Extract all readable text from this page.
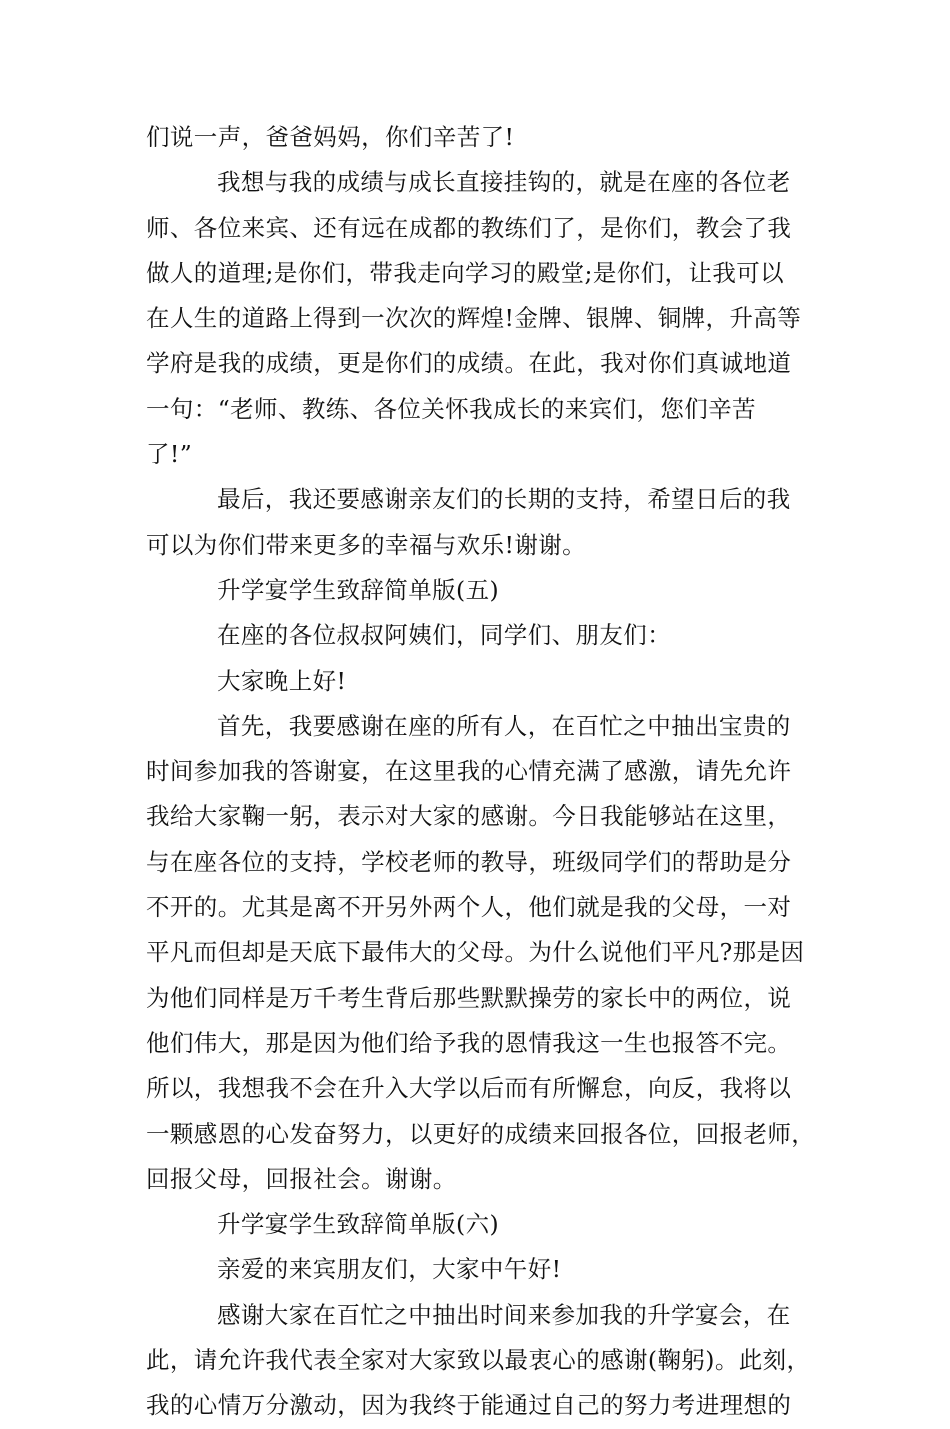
们说一声，爸爸妈妈，你们辛苦了!
我想与我的成绩与成长直接挂钩的，就是在座的各位老
师、各位来宾、还有远在成都的教练们了，是你们，教会了我
做人的道理;是你们，带我走向学习的殿堂;是你们，让我可以
在人生的道路上得到一次次的辉煌!金牌、银牌、铜牌，升高等
学府是我的成绩，更是你们的成绩。在此，我对你们真诚地道
一句：“老师、教练、各位关怀我成长的来宾们，您们辛苦
了!”
最后，我还要感谢亲友们的长期的支持，希望日后的我
可以为你们带来更多的幸福与欢乐!谢谢。
升学宴学生致辞简单版(五)
在座的各位叔叔阿姨们，同学们、朋友们：
大家晚上好!
首先，我要感谢在座的所有人，在百忙之中抽出宝贵的
时间参加我的答谢宴，在这里我的心情充满了感激，请先允许
我给大家鞠一躬，表示对大家的感谢。今日我能够站在这里，
与在座各位的支持，学校老师的教导，班级同学们的帮助是分
不开的。尤其是离不开另外两个人，他们就是我的父母，一对
平凡而但却是天底下最伟大的父母。为什么说他们平凡?那是因
为他们同样是万千考生背后那些默默操劳的家长中的两位，说
他们伟大，那是因为他们给予我的恩情我这一生也报答不完。
所以，我想我不会在升入大学以后而有所懈怠，向反，我将以
一颗感恩的心发奋努力，以更好的成绩来回报各位，回报老师，
回报父母，回报社会。谢谢。
升学宴学生致辞简单版(六)
亲爱的来宾朋友们，大家中午好!
感谢大家在百忙之中抽出时间来参加我的升学宴会，在
此，请允许我代表全家对大家致以最衷心的感谢(鞠躬)。此刻，
我的心情万分激动，因为我终于能通过自己的努力考进理想的
